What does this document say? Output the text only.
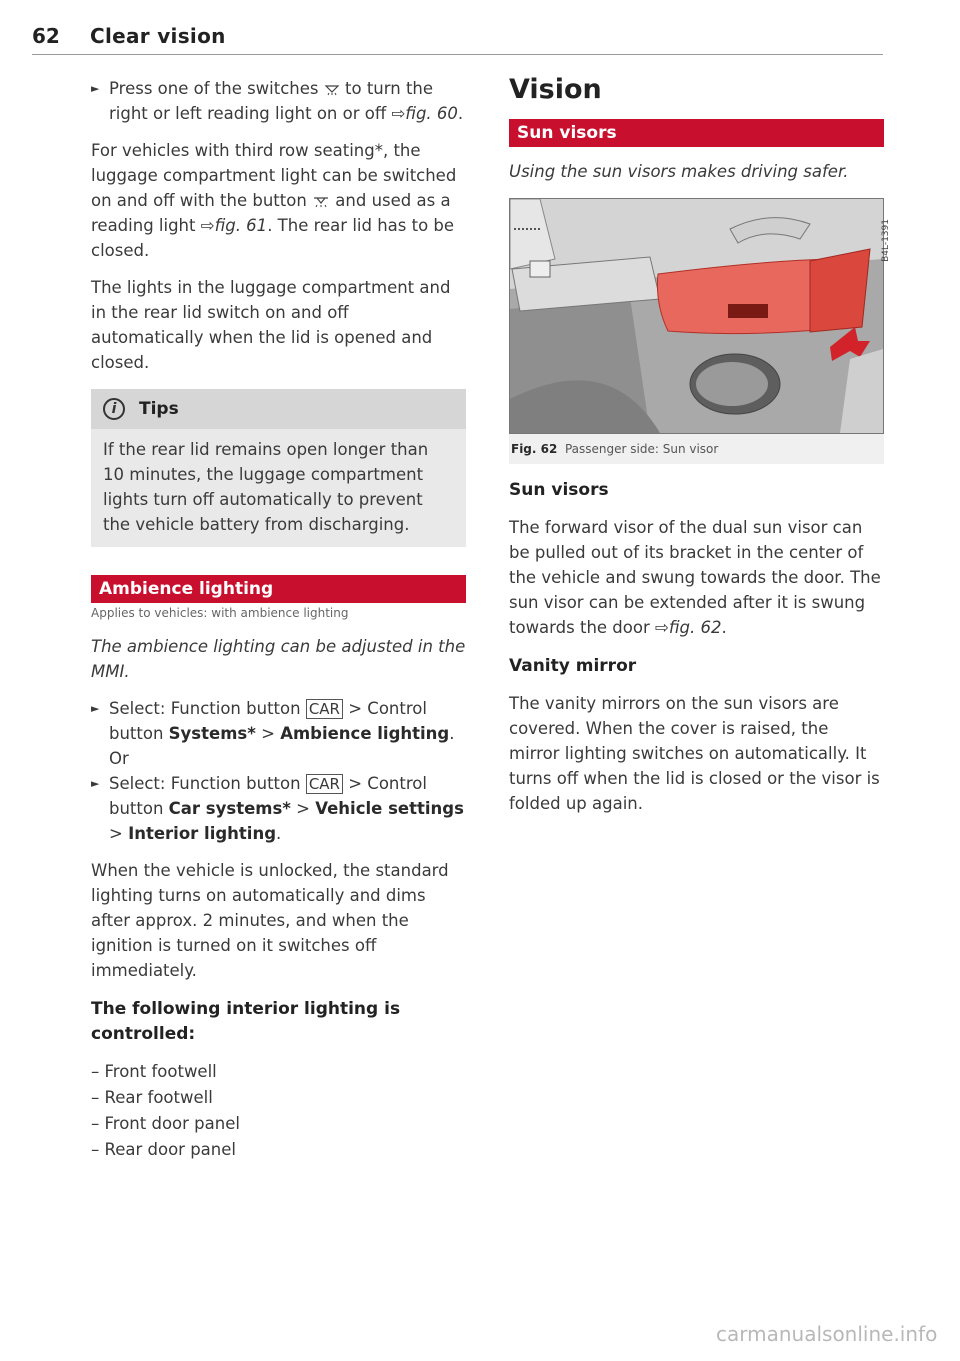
62 Clear vision

► Press one of the switches  to turn the right or left reading light on or off ⇨fig. 60.

For vehicles with third row seating*, the luggage compartment light can be switched on and off with the button  and used as a reading light ⇨fig. 61. The rear lid has to be closed.

The lights in the luggage compartment and in the rear lid switch on and off automatically when the lid is opened and closed.

i	Tips
If the rear lid remains open longer than 10 minutes, the luggage compartment lights turn off automatically to prevent the vehicle battery from discharging.
Ambience lighting
Applies to vehicles: with ambience lighting

The ambience lighting can be adjusted in the MMI.

► Select: Function button CAR > Control button Systems* > Ambience lighting. Or

► Select: Function button CAR > Control button Car systems* > Vehicle settings > Interior lighting.

When the vehicle is unlocked, the standard lighting turns on automatically and dims after approx. 2 minutes, and when the ignition is turned on it switches off immediately.

The following interior lighting is controlled:

– Front footwell

– Rear footwell

– Front door panel

– Rear door panel

Vision
Sun visors

Using the sun visors makes driving safer.

B4L-1391
Fig. 62 Passenger side: Sun visor
Sun visors

The forward visor of the dual sun visor can be pulled out of its bracket in the center of the vehicle and swung towards the door. The sun visor can be extended after it is swung towards the door ⇨fig. 62.

Vanity mirror

The vanity mirrors on the sun visors are covered. When the cover is raised, the mirror lighting switches on automatically. It turns off when the lid is closed or the visor is folded up again.

carmanualsonline.info
